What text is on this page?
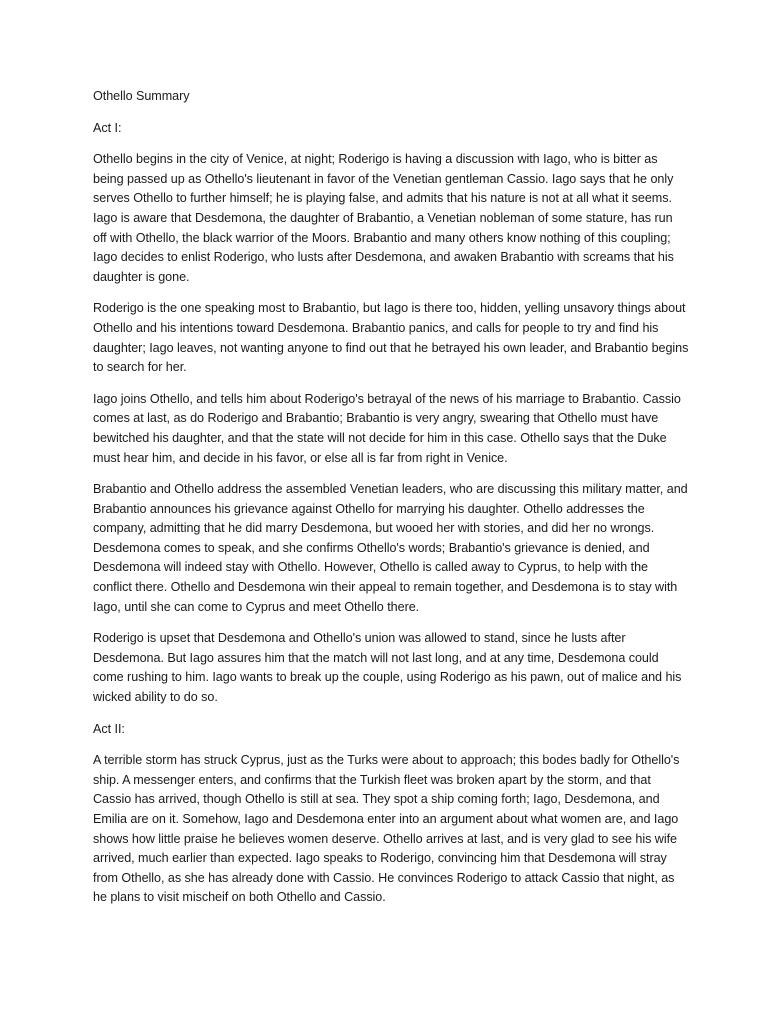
Othello Summary
Act I:

Othello begins in the city of Venice, at night; Roderigo is having a discussion with Iago, who is bitter as being passed up as Othello's lieutenant in favor of the Venetian gentleman Cassio. Iago says that he only serves Othello to further himself; he is playing false, and admits that his nature is not at all what it seems. Iago is aware that Desdemona, the daughter of Brabantio, a Venetian nobleman of some stature, has run off with Othello, the black warrior of the Moors. Brabantio and many others know nothing of this coupling; Iago decides to enlist Roderigo, who lusts after Desdemona, and awaken Brabantio with screams that his daughter is gone.

Roderigo is the one speaking most to Brabantio, but Iago is there too, hidden, yelling unsavory things about Othello and his intentions toward Desdemona. Brabantio panics, and calls for people to try and find his daughter; Iago leaves, not wanting anyone to find out that he betrayed his own leader, and Brabantio begins to search for her.

Iago joins Othello, and tells him about Roderigo's betrayal of the news of his marriage to Brabantio. Cassio comes at last, as do Roderigo and Brabantio; Brabantio is very angry, swearing that Othello must have bewitched his daughter, and that the state will not decide for him in this case. Othello says that the Duke must hear him, and decide in his favor, or else all is far from right in Venice.

Brabantio and Othello address the assembled Venetian leaders, who are discussing this military matter, and Brabantio announces his grievance against Othello for marrying his daughter. Othello addresses the company, admitting that he did marry Desdemona, but wooed her with stories, and did her no wrongs. Desdemona comes to speak, and she confirms Othello's words; Brabantio's grievance is denied, and Desdemona will indeed stay with Othello. However, Othello is called away to Cyprus, to help with the conflict there. Othello and Desdemona win their appeal to remain together, and Desdemona is to stay with Iago, until she can come to Cyprus and meet Othello there.

Roderigo is upset that Desdemona and Othello's union was allowed to stand, since he lusts after Desdemona. But Iago assures him that the match will not last long, and at any time, Desdemona could come rushing to him. Iago wants to break up the couple, using Roderigo as his pawn, out of malice and his wicked ability to do so.

Act II:

A terrible storm has struck Cyprus, just as the Turks were about to approach; this bodes badly for Othello's ship. A messenger enters, and confirms that the Turkish fleet was broken apart by the storm, and that Cassio has arrived, though Othello is still at sea. They spot a ship coming forth; Iago, Desdemona, and Emilia are on it. Somehow, Iago and Desdemona enter into an argument about what women are, and Iago shows how little praise he believes women deserve. Othello arrives at last, and is very glad to see his wife arrived, much earlier than expected. Iago speaks to Roderigo, convincing him that Desdemona will stray from Othello, as she has already done with Cassio. He convinces Roderigo to attack Cassio that night, as he plans to visit mischeif on both Othello and Cassio.
